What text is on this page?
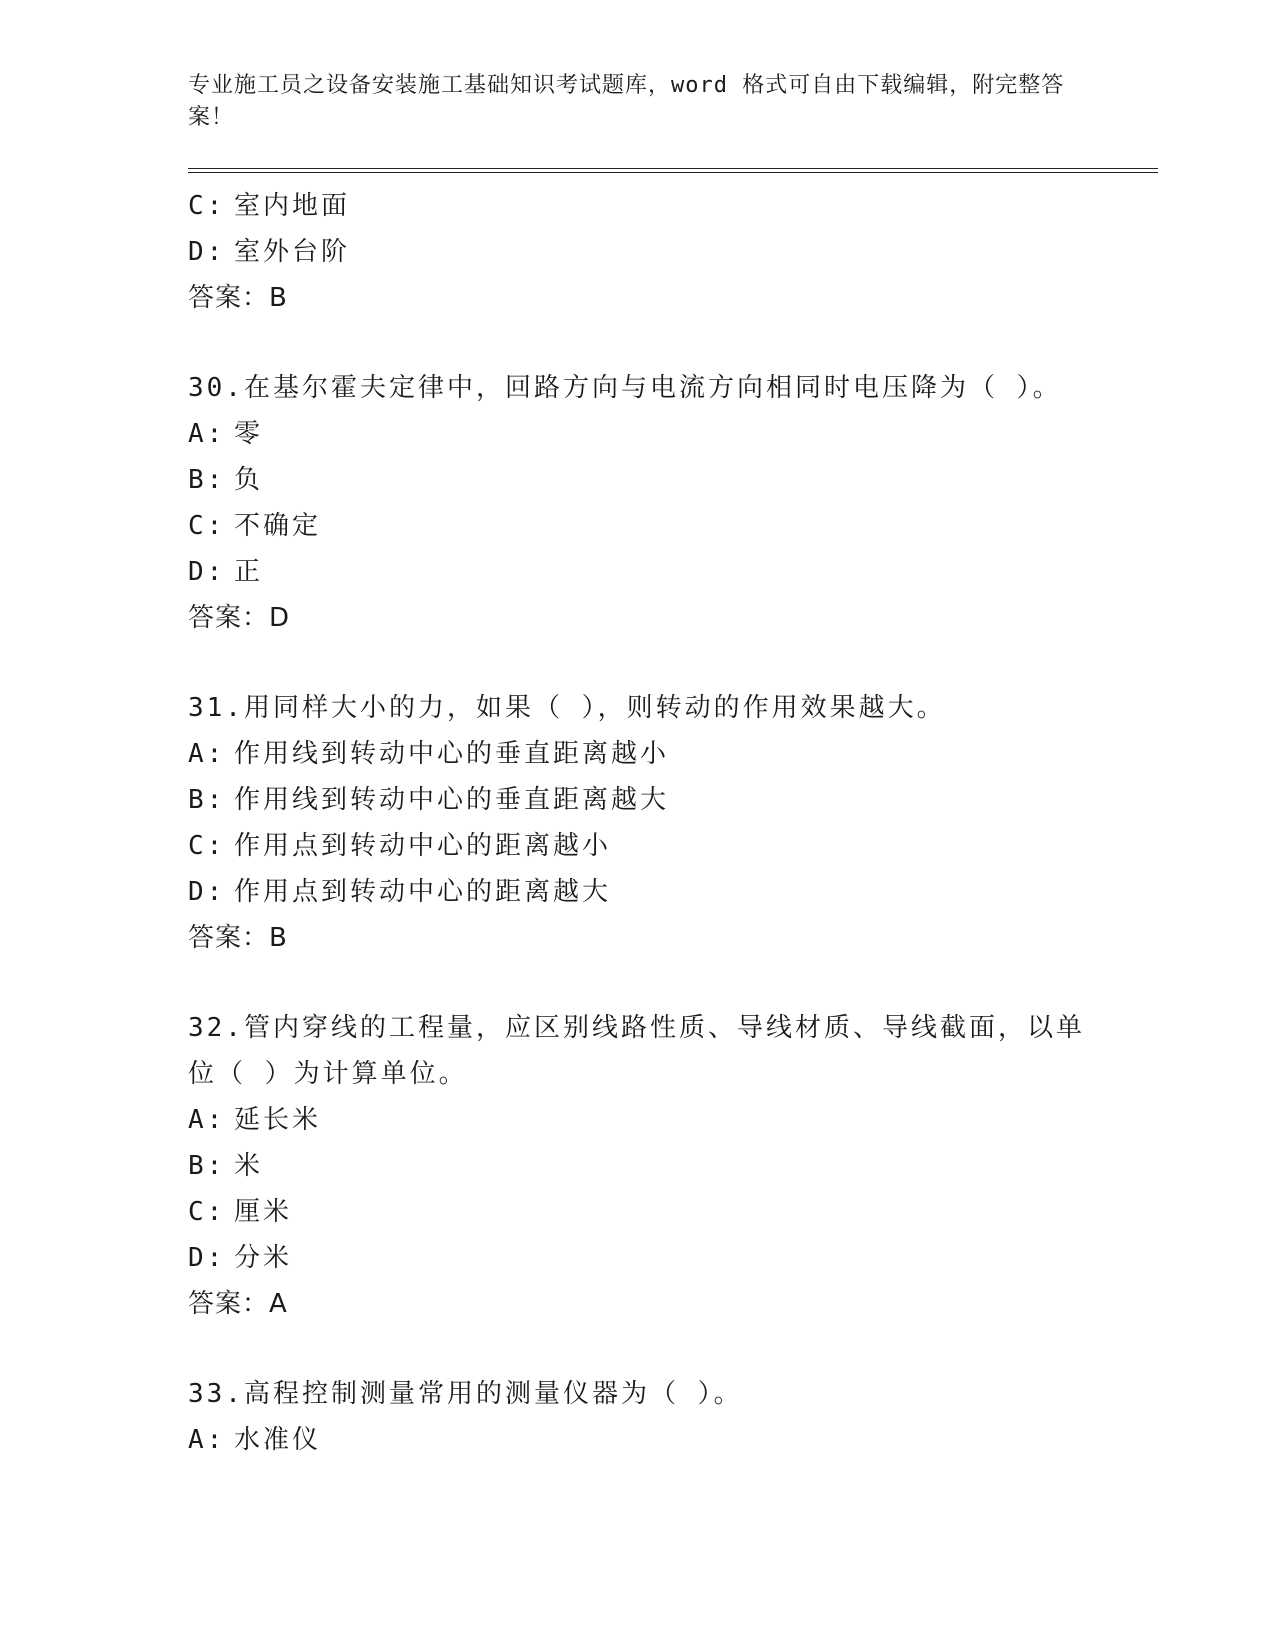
专业施工员之设备安装施工基础知识考试题库，word 格式可自由下载编辑，附完整答案！
C: 室内地面
D: 室外台阶
答案：B
30.在基尔霍夫定律中，回路方向与电流方向相同时电压降为（ ）。
A: 零
B: 负
C: 不确定
D: 正
答案：D
31.用同样大小的力，如果（ ），则转动的作用效果越大。
A: 作用线到转动中心的垂直距离越小
B: 作用线到转动中心的垂直距离越大
C: 作用点到转动中心的距离越小
D: 作用点到转动中心的距离越大
答案：B
32.管内穿线的工程量，应区别线路性质、导线材质、导线截面，以单位（ ）为计算单位。
A: 延长米
B: 米
C: 厘米
D: 分米
答案：A
33.高程控制测量常用的测量仪器为（ ）。
A: 水准仪
